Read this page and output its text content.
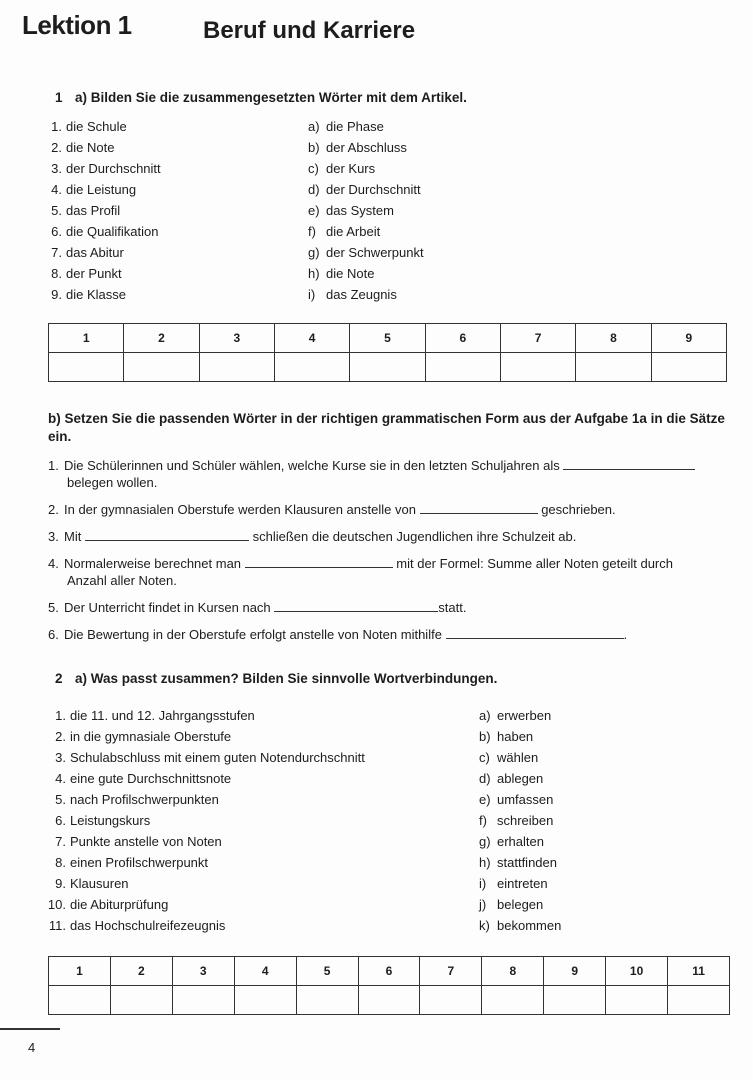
Lektion 1	Beruf und Karriere
1 a) Bilden Sie die zusammengesetzten Wörter mit dem Artikel.
1. die Schule
2. die Note
3. der Durchschnitt
4. die Leistung
5. das Profil
6. die Qualifikation
7. das Abitur
8. der Punkt
9. die Klasse
a) die Phase
b) der Abschluss
c) der Kurs
d) der Durchschnitt
e) das System
f) die Arbeit
g) der Schwerpunkt
h) die Note
i) das Zeugnis
1	2	3	4	5	6	7	8	9

b) Setzen Sie die passenden Wörter in der richtigen grammatischen Form aus der Aufgabe 1a in die Sätze ein.
1. Die Schülerinnen und Schüler wählen, welche Kurse sie in den letzten Schuljahren als
belegen wollen.
2. In der gymnasialen Oberstufe werden Klausuren anstelle von	geschrieben.
3. Mit	schließen die deutschen Jugendlichen ihre Schulzeit ab.
4. Normalerweise berechnet man	mit der Formel: Summe aller Noten geteilt durch
Anzahl aller Noten.
5. Der Unterricht findet in Kursen nach	statt.
6. Die Bewertung in der Oberstufe erfolgt anstelle von Noten mithilfe	.
2 a) Was passt zusammen? Bilden Sie sinnvolle Wortverbindungen.
1. die 11. und 12. Jahrgangsstufen
2. in die gymnasiale Oberstufe
3. Schulabschluss mit einem guten Notendurchschnitt
4. eine gute Durchschnittsnote
5. nach Profilschwerpunkten
6. Leistungskurs
7. Punkte anstelle von Noten
8. einen Profilschwerpunkt
9. Klausuren
10. die Abiturprüfung
11. das Hochschulreifezeugnis
a) erwerben
b) haben
c) wählen
d) ablegen
e) umfassen
f) schreiben
g) erhalten
h) stattfinden
i) eintreten
j) belegen
k) bekommen
1	2	3	4	5	6	7	8	9	10	11

4
